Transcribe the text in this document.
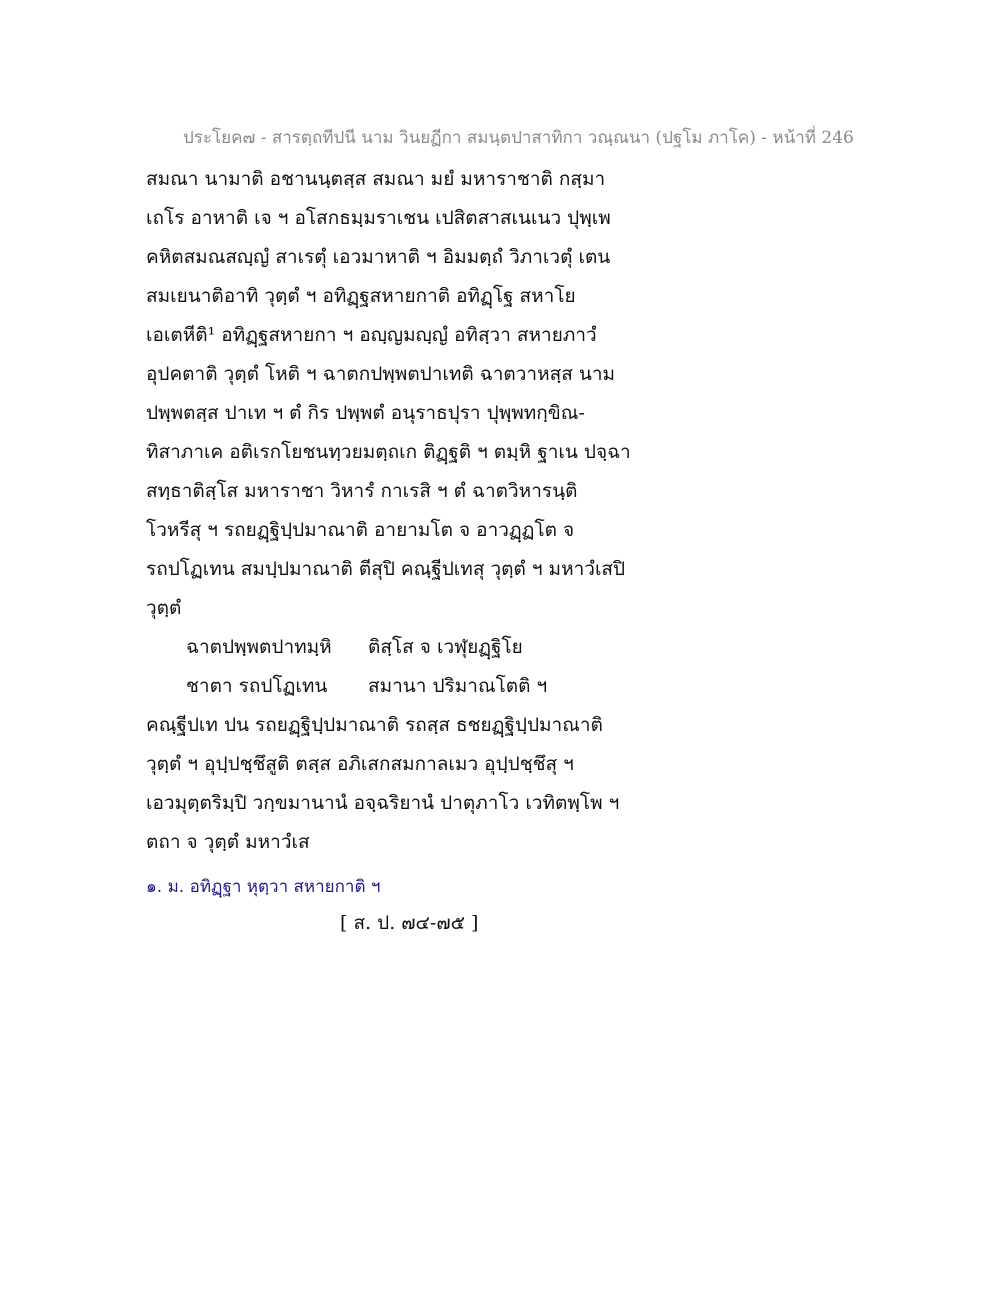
ประโยค๗ - สารตฺถทีปนี นาม วินยฏีกา สมนฺตปาสาทิกา วณฺณนา (ปฐโม ภาโค) - หน้าที่ 246
สมณา นามาติ อชานนฺตสฺส สมณา มยํ มหาราชาติ กสฺมา
เถโร อาหาติ เจ ฯ อโสกธมฺมราเชน เปสิตสาสเนเนว ปุพฺเพ
คหิตสมณสญฺญํ สาเรตุํ เอวมาหาติ ฯ อิมมตฺถํ วิภาเวตุํ เตน
สมเยนาติอาทิ วุตฺตํ ฯ อทิฏฺฐสหายกาติ อทิฏฺโฐ สหาโย
เอเตหีติ¹ อทิฏฺฐสหายกา ฯ อญฺญมญฺญํ อทิสฺวา สหายภาวํ
อุปคตาติ วุตฺตํ โหติ ฯ ฉาตกปพฺพตปาเทติ ฉาตวาหสฺส นาม
ปพฺพตสฺส ปาเท ฯ ตํ กิร ปพฺพตํ อนุราธปุรา ปุพฺพทกฺขิณ-
ทิสาภาเค อติเรกโยชนทฺวยมตฺถเก ติฏฺฐติ ฯ ตมฺหิ ฐาเน ปจฺฉา
สทฺธาติสฺโส มหาราชา วิหารํ กาเรสิ ฯ ตํ ฉาตวิหารนฺติ
โวหรีสุ ฯ รถยฏฺฐิปฺปมาณาติ อายามโต จ อาวฏฺฏโต จ
รถปโฏเทน สมปฺปมาณาติ ตีสุปิ คณฺฐีปเทสุ วุตฺตํ ฯ มหาวํเสปิ
วุตฺตํ
ฉาตปพฺพตปาทมฺหิ	ติสฺโส จ เวฬุยฏฺฐิโย
ชาตา รถปโฏเทน	สมานา ปริมาณโตติ ฯ
คณฺฐีปเท ปน รถยฏฺฐิปฺปมาณาติ รถสฺส ธชยฏฺฐิปฺปมาณาติ
วุตฺตํ ฯ อุปฺปชฺชึสูติ ตสฺส อภิเสกสมกาลเมว อุปฺปชฺชึสุ ฯ
เอวมุตฺตริมฺปิ วกฺขมานานํ อจฺฉริยานํ ปาตุภาโว เวทิตพฺโพ ฯ
ตถา จ วุตฺตํ มหาวํเส
๑. ม. อทิฏฺฐา หุตฺวา สหายกาติ ฯ
[ ส. ป. ๗๔-๗๕ ]
